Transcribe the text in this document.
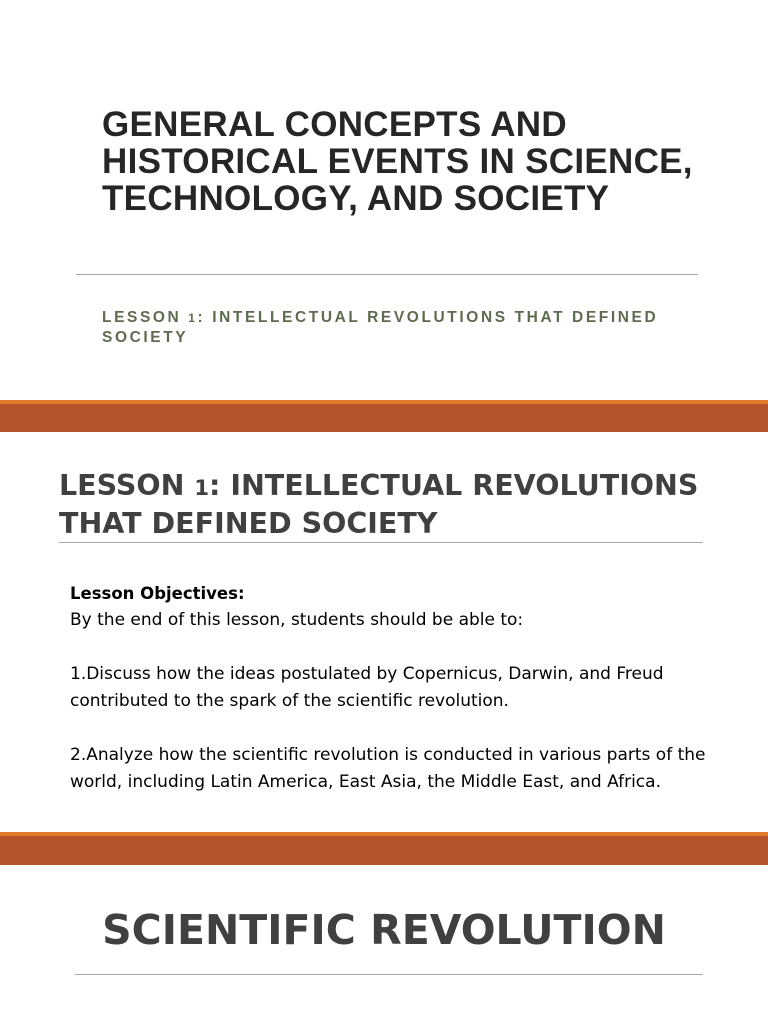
GENERAL CONCEPTS AND HISTORICAL EVENTS IN SCIENCE, TECHNOLOGY, AND SOCIETY

LESSON 1: INTELLECTUAL REVOLUTIONS THAT DEFINED SOCIETY

LESSON 1: INTELLECTUAL REVOLUTIONS THAT DEFINED SOCIETY

Lesson Objectives:

By the end of this lesson, students should be able to:

1.Discuss how the ideas postulated by Copernicus, Darwin, and Freud contributed to the spark of the scientific revolution.

2.Analyze how the scientific revolution is conducted in various parts of the world, including Latin America, East Asia, the Middle East, and Africa.

SCIENTIFIC REVOLUTION
